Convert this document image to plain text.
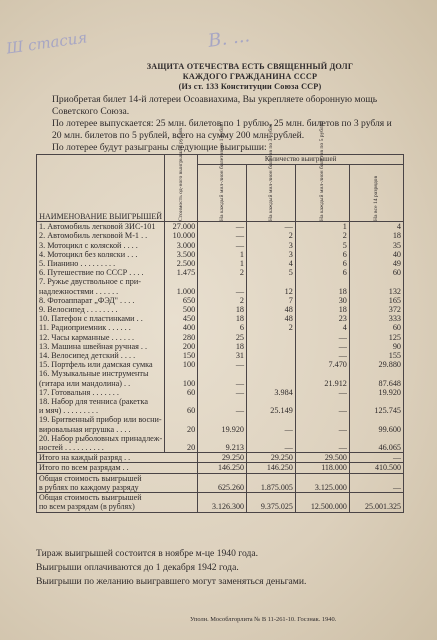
Ш стасия	В. ...
ЗАЩИТА ОТЕЧЕСТВА ЕСТЬ СВЯЩЕННЫЙ ДОЛГ
КАЖДОГО ГРАЖДАНИНА СССР
(Из ст. 133 Конституции Союза ССР)
Приобретая билет 14-й лотереи Осоавиахима, Вы укрепляете оборонную мощь Советского Союза.
По лотерее выпускается: 25 млн. билетов по 1 рублю, 25 млн. билетов по 3 рубля и 20 млн. билетов по 5 рублей, всего на сумму 200 млн. рублей.
По лотерее будут разыграны следующие выигрыши:
НАИМЕНОВАНИЕ ВЫИГРЫШЕЙ	Стоимость од-ного выигрыша в рублях	Количество выигрышей			

		На каждый мил-лион билетов по 1 рублю	На каждый мил-лион билетов по 3 рубля	На каждый мил-лион билетов по 5 рублей	На все 14 разрядов

1. Автомобиль легковой ЗИС-101	27.000	—	—	1	4
2. Автомобиль легковой М-1 . .	10.000	—	2	2	18
3. Мотоцикл с коляской . . . .	3.000	—	3	5	35
4. Мотоцикл без коляски . . .	3.500	1	3	6	40
5. Пианино . . . . . . . . .	2.500	1	4	6	49
6. Путешествие по СССР . . . .	1.475	2	5	6	60
7. Ружье двуствольное с при-					
надлежностями . . . . . .	1.000	—	12	18	132
8. Фотоаппарат „ФЭД" . . . .	650	2	7	30	165
9. Велосипед . . . . . . . .	500	18	48	18	372
10. Патефон с пластинками . .	450	18	48	23	333
11. Радиоприемник . . . . . .	400	6	2	4	60
12. Часы карманные . . . . . .	280	25		—	125
13. Машина швейная ручная . .	200	18		—	90
14. Велосипед детский . . . .	150	31		—	155
15. Портфель или дамская сумка	100	—		7.470	29.880
16. Музыкальные инструменты					
(гитара или мандолина) . .	100	—		21.912	87.648
17. Готовальня . . . . . . .	60	—	3.984	—	19.920
18. Набор для тенниса (ракетка					
и мяч) . . . . . . . . .	60	—	25.149	—	125.745
19. Бритвенный прибор или восни-					
вировальная игрушка . . . .	20	19.920	—	—	99.600
20. Набор рыболовных принадлеж-					
ностей . . . . . . . . . .	20	9.213	—	—	46.065
Итого на каждый разряд . .		29.250	29.250	29.500	—
Итого по всем разрядам . .		146.250	146.250	118.000	410.500

Общая стоимость выигрышей
в рублях по каждому разряду		625.260	1.875.005	3.125.000	—

Общая стоимость выигрышей
по всем разрядам (в рублях)		3.126.300	9.375.025	12.500.000	25.001.325
Тираж выигрышей состоится в ноябре м-це 1940 года.
Выигрыши оплачиваются до 1 декабря 1942 года.
Выигрыши по желанию выигравшего могут заменяться деньгами.
Уполн. Мособлгорлита № В 11-261-10. Госзнак. 1940.
